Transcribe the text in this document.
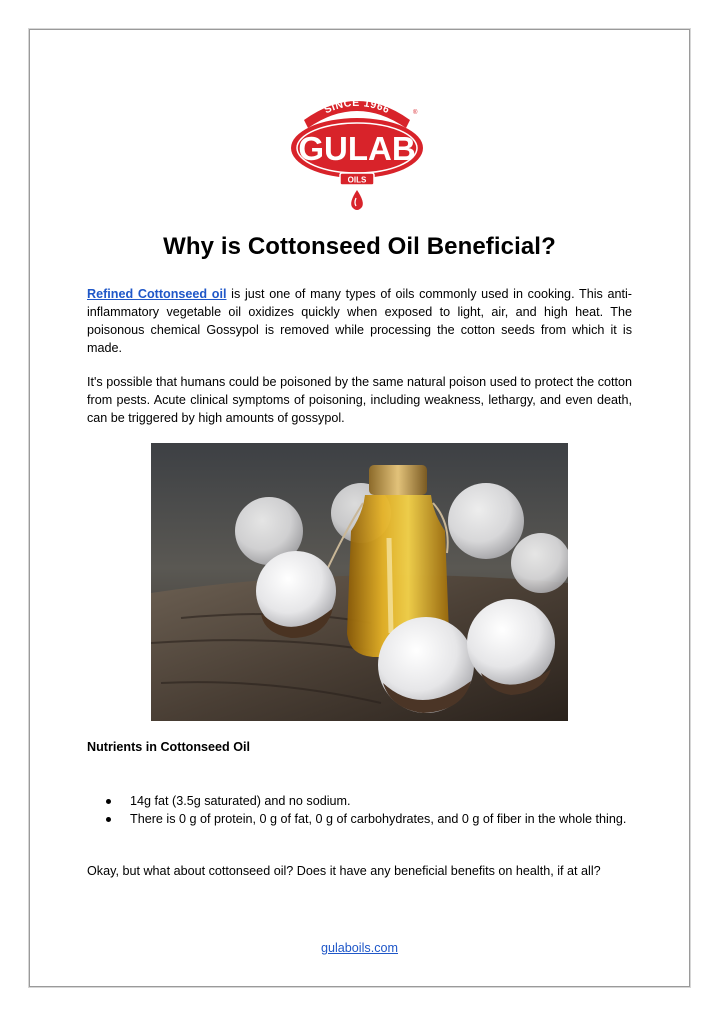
SINCE 1966	®
GULAB
OILS
Why is Cottonseed Oil Beneficial?

Refined Cottonseed oil is just one of many types of oils commonly used in cooking. This anti-inflammatory vegetable oil oxidizes quickly when exposed to light, air, and high heat. The poisonous chemical Gossypol is removed while processing the cotton seeds from which it is made.

It's possible that humans could be poisoned by the same natural poison used to protect the cotton from pests. Acute clinical symptoms of poisoning, including weakness, lethargy, and even death, can be triggered by high amounts of gossypol.

Nutrients in Cottonseed Oil
14g fat (3.5g saturated) and no sodium.
There is 0 g of protein, 0 g of fat, 0 g of carbohydrates, and 0 g of fiber in the whole thing.

Okay, but what about cottonseed oil? Does it have any beneficial benefits on health, if at all?

gulaboils.com
